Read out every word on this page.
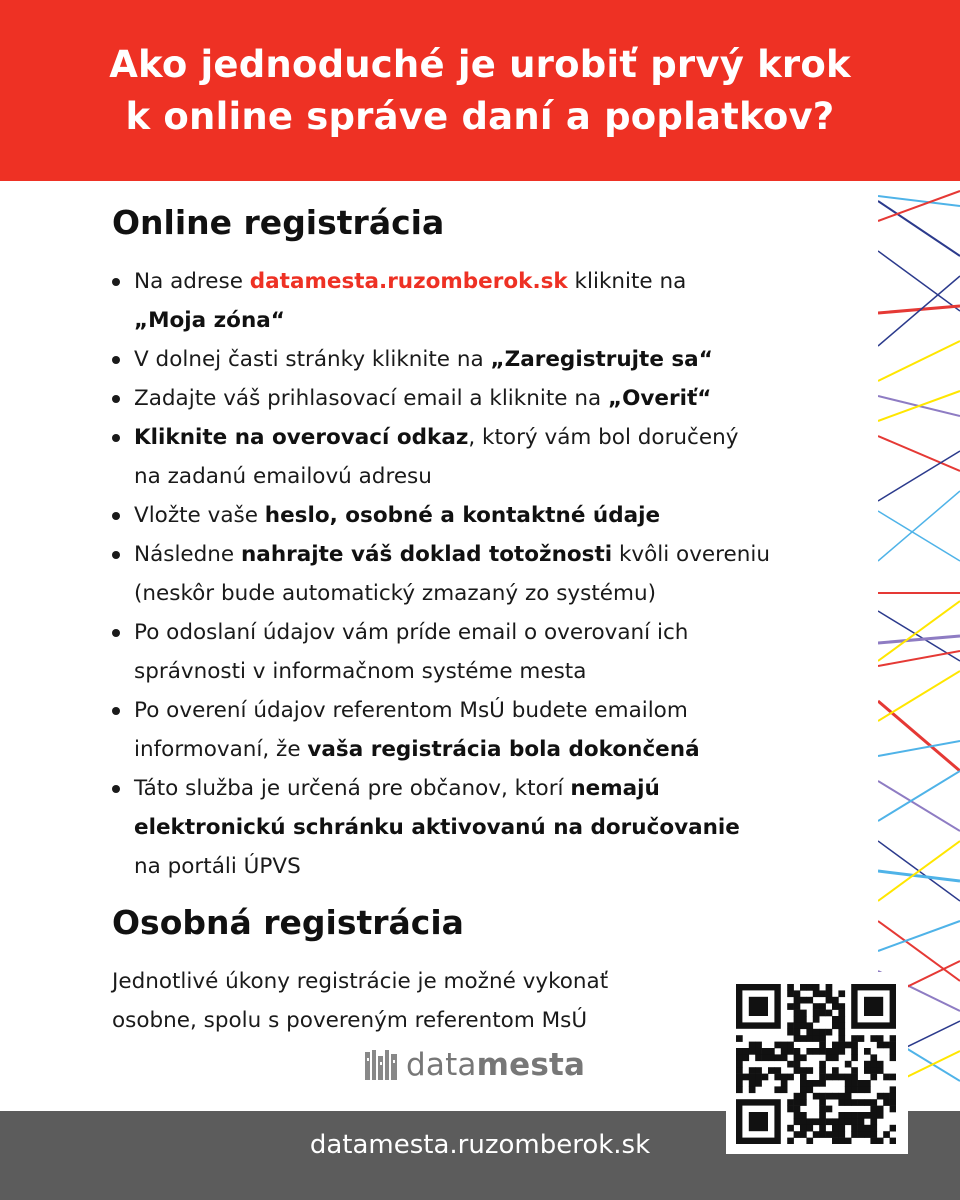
Ako jednoduché je urobiť prvý krok
k online správe daní a poplatkov?
Online registrácia
Na adrese datamesta.ruzomberok.sk kliknite na
„Moja zóna“
V dolnej časti stránky kliknite na „Zaregistrujte sa“
Zadajte váš prihlasovací email a kliknite na „Overiť“
Kliknite na overovací odkaz, ktorý vám bol doručený
na zadanú emailovú adresu
Vložte vaše heslo, osobné a kontaktné údaje
Následne nahrajte váš doklad totožnosti kvôli overeniu
(neskôr bude automatický zmazaný zo systému)
Po odoslaní údajov vám príde email o overovaní ich
správnosti v informačnom systéme mesta
Po overení údajov referentom MsÚ budete emailom
informovaní, že vaša registrácia bola dokončená
Táto služba je určená pre občanov, ktorí nemajú
elektronickú schránku aktivovanú na doručovanie
na portáli ÚPVS
Osobná registrácia
Jednotlivé úkony registrácie je možné vykonať
osobne, spolu s povereným referentom MsÚ
datamesta
datamesta.ruzomberok.sk
